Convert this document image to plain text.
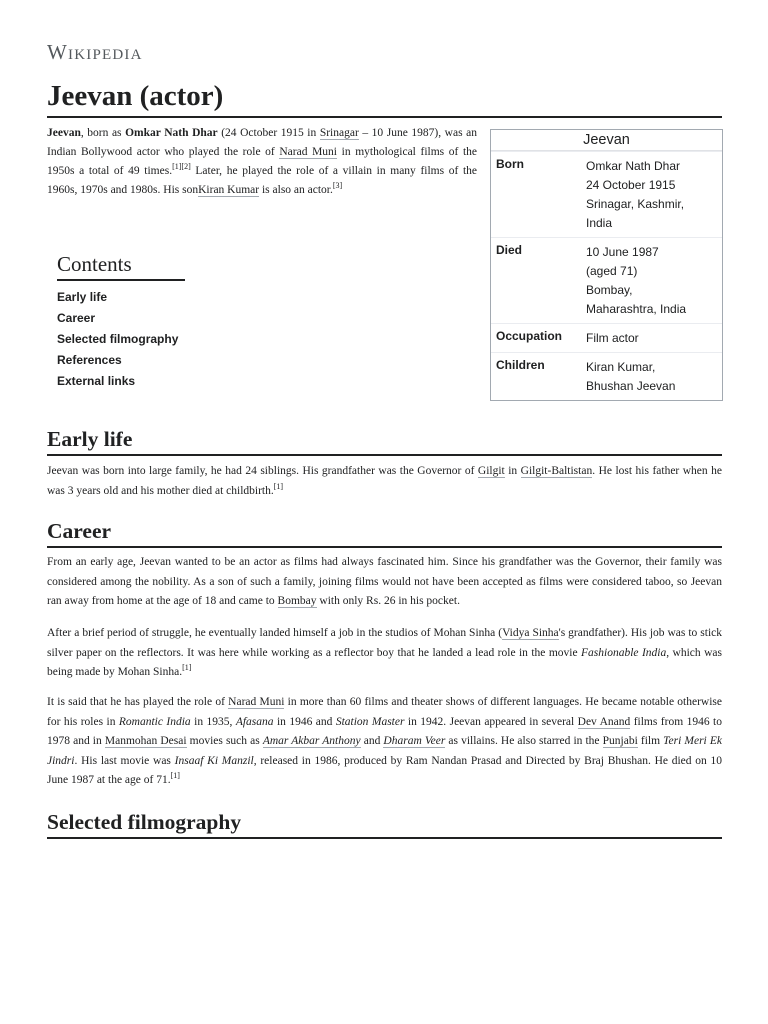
Wikipedia
Jeevan (actor)
Jeevan, born as Omkar Nath Dhar (24 October 1915 in Srinagar – 10 June 1987), was an Indian Bollywood actor who played the role of Narad Muni in mythological films of the 1950s a total of 49 times.[1][2] Later, he played the role of a villain in many films of the 1960s, 1970s and 1980s. His sonKiran Kumar is also an actor.[3]
Jeevan
Born	Omkar Nath Dhar
24 October 1915
Srinagar, Kashmir,
India
Died	10 June 1987
(aged 71)
Bombay,
Maharashtra, India
Occupation	Film actor
Children	Kiran Kumar,
Bhushan Jeevan
Contents
Early life
Career
Selected filmography
References
External links
Early life

Jeevan was born into large family, he had 24 siblings. His grandfather was the Governor of Gilgit in Gilgit-Baltistan. He lost his father when he was 3 years old and his mother died at childbirth.[1]

Career

From an early age, Jeevan wanted to be an actor as films had always fascinated him. Since his grandfather was the Governor, their family was considered among the nobility. As a son of such a family, joining films would not have been accepted as films were considered taboo, so Jeevan ran away from home at the age of 18 and came to Bombay with only Rs. 26 in his pocket.

After a brief period of struggle, he eventually landed himself a job in the studios of Mohan Sinha (Vidya Sinha's grandfather). His job was to stick silver paper on the reflectors. It was here while working as a reflector boy that he landed a lead role in the movie Fashionable India, which was being made by Mohan Sinha.[1]

It is said that he has played the role of Narad Muni in more than 60 films and theater shows of different languages. He became notable otherwise for his roles in Romantic India in 1935, Afasana in 1946 and Station Master in 1942. Jeevan appeared in several Dev Anand films from 1946 to 1978 and in Manmohan Desai movies such as Amar Akbar Anthony and Dharam Veer as villains. He also starred in the Punjabi film Teri Meri Ek Jindri. His last movie was Insaaf Ki Manzil, released in 1986, produced by Ram Nandan Prasad and Directed by Braj Bhushan. He died on 10 June 1987 at the age of 71.[1]

Selected filmography
